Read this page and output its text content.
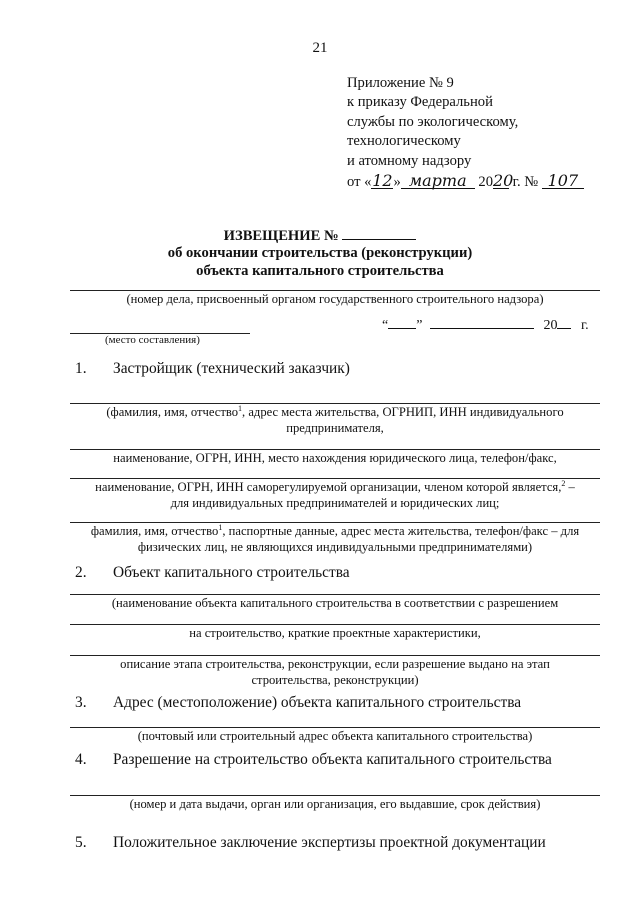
21
Приложение № 9
к приказу Федеральной
службы по экологическому,
технологическому
и атомному надзору
от «12» марта 2020 г. № 107
ИЗВЕЩЕНИЕ №
об окончании строительства (реконструкции)
объекта капитального строительства
(номер дела, присвоенный органом государственного строительного надзора)
(место составления)
“ ”	20 г.
1. Застройщик (технический заказчик)
(фамилия, имя, отчество$^1$, адрес места жительства, ОГРНИП, ИНН индивидуального
предпринимателя,
наименование, ОГРН, ИНН, место нахождения юридического лица, телефон/факс,
наименование, ОГРН, ИНН саморегулируемой организации, членом которой является,$^2$ –
для индивидуальных предпринимателей и юридических лиц;
фамилия, имя, отчество$^1$, паспортные данные, адрес места жительства, телефон/факс – для
физических лиц, не являющихся индивидуальными предпринимателями)
2. Объект капитального строительства
(наименование объекта капитального строительства в соответствии с разрешением
на строительство, краткие проектные характеристики,
описание этапа строительства, реконструкции, если разрешение выдано на этап
строительства, реконструкции)
3. Адрес (местоположение) объекта капитального строительства
(почтовый или строительный адрес объекта капитального строительства)
4. Разрешение на строительство объекта капитального строительства
(номер и дата выдачи, орган или организация, его выдавшие, срок действия)
5. Положительное заключение экспертизы проектной документации
